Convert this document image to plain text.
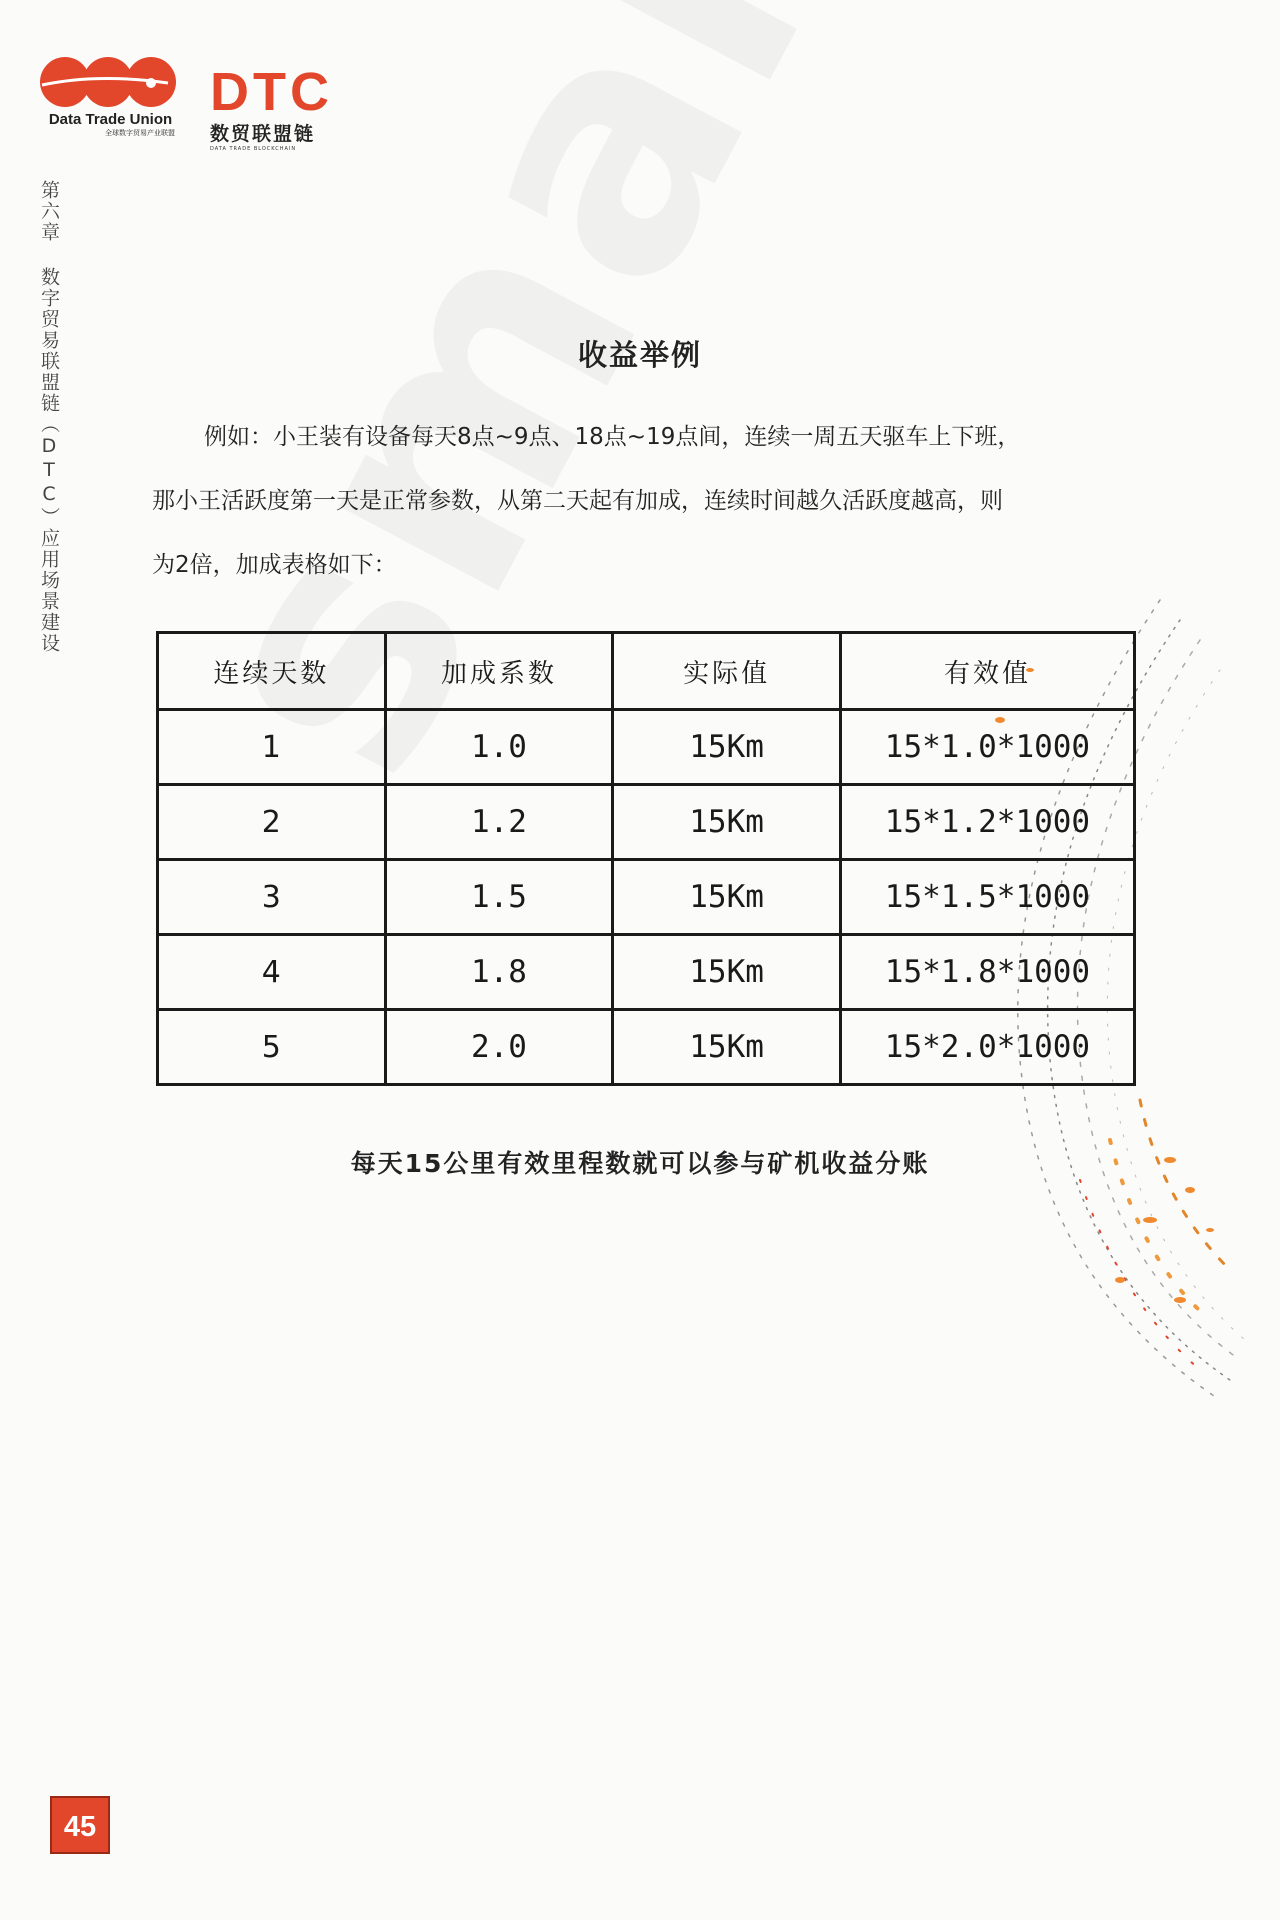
Data Trade Union
全球数字贸易产业联盟
DTC
数贸联盟链
DATA TRADE BLOCKCHAIN
第六章 数字贸易联盟链（DTC）应用场景建设	收益举例
例如：小王装有设备每天8点~9点、18点~19点间，连续一周五天驱车上下班，
那小王活跃度第一天是正常参数，从第二天起有加成，连续时间越久活跃度越高，则
为2倍，加成表格如下：
连续天数	加成系数	实际值	有效值
1	1.0	15Km	15*1.0*1000
2	1.2	15Km	15*1.2*1000
3	1.5	15Km	15*1.5*1000
4	1.8	15Km	15*1.8*1000
5	2.0	15Km	15*2.0*1000
每天15公里有效里程数就可以参与矿机收益分账
45
